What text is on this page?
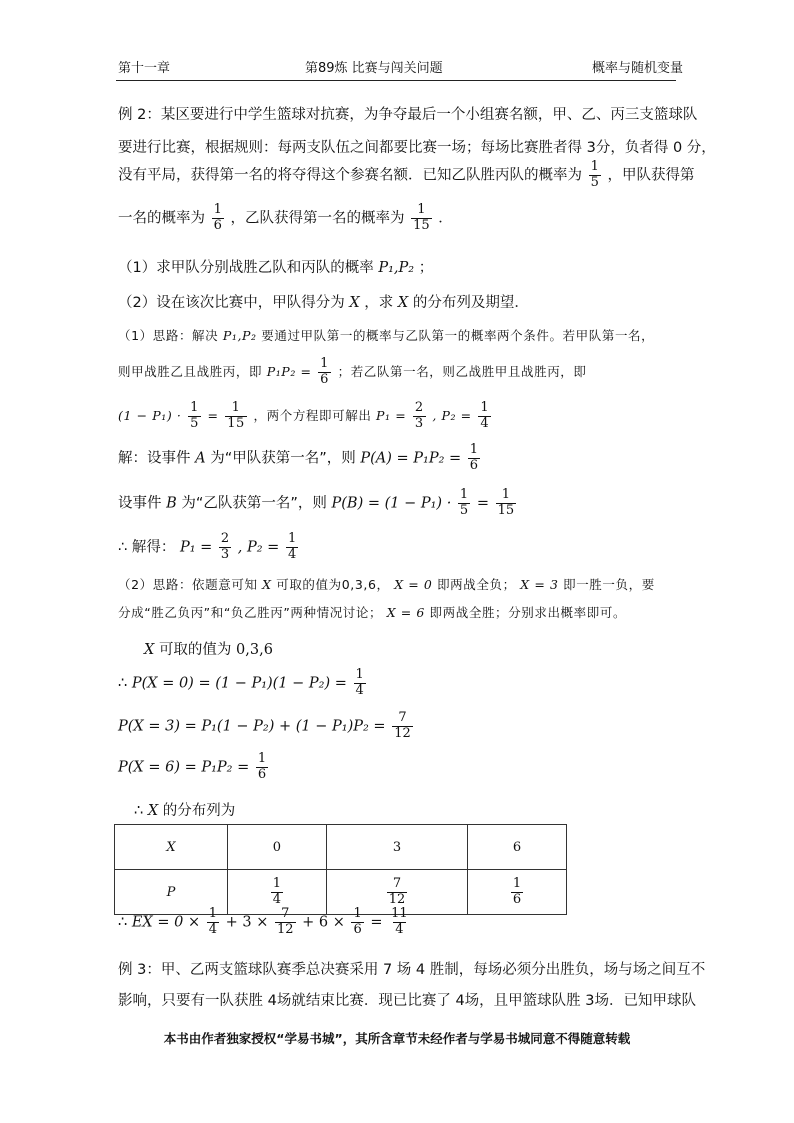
第十一章	第89炼 比赛与闯关问题	概率与随机变量
例 2：某区要进行中学生篮球对抗赛，为争夺最后一个小组赛名额，甲、乙、丙三支篮球队
要进行比赛，根据规则：每两支队伍之间都要比赛一场；每场比赛胜者得 3分，负者得 0 分，
没有平局，获得第一名的将夺得这个参赛名额．已知乙队胜丙队的概率为 $\frac{1}{5}$ ，甲队获得第
一名的概率为 $\frac{1}{6}$ ，乙队获得第一名的概率为 $\frac{1}{15}$ ．
（1）求甲队分别战胜乙队和丙队的概率 P₁,P₂ ；
（2）设在该次比赛中，甲队得分为 X ，求 X 的分布列及期望．
（1）思路：解决 P₁,P₂ 要通过甲队第一的概率与乙队第一的概率两个条件。若甲队第一名，
则甲战胜乙且战胜丙，即 $P_1P_2 = \frac{1}{6}$ ；若乙队第一名，则乙战胜甲且战胜丙，即
$(1 - P_1) \cdot \frac{1}{5} = \frac{1}{15}$ ，两个方程即可解出 $P_1 = \frac{2}{3}$ , $P_2 = \frac{1}{4}$
解：设事件 A 为“甲队获第一名”，则 $P(A) = P_1P_2 = \frac{1}{6}$
设事件 B 为“乙队获第一名”，则 $P(B) = (1 - P_1) \cdot \frac{1}{5} = \frac{1}{15}$
∴ 解得： $P_1 = \frac{2}{3}$ , $P_2 = \frac{1}{4}$
（2）思路：依题意可知 X 可取的值为0,3,6， X = 0 即两战全负； X = 3 即一胜一负，要
分成“胜乙负丙”和“负乙胜丙”两种情况讨论； X = 6 即两战全胜；分别求出概率即可。
X 可取的值为 0,3,6
∴ $P(X = 0) = (1 - P_1)(1 - P_2) = \frac{1}{4}$
$P(X = 3) = P_1(1 - P_2) + (1 - P_1)P_2 = \frac{7}{12}$
$P(X = 6) = P_1P_2 = \frac{1}{6}$
∴ X 的分布列为
X	0	3	6
P	$\frac{1}{4}$	$\frac{7}{12}$	$\frac{1}{6}$
∴ EX = $0 \times \frac{1}{4} + 3 \times \frac{7}{12} + 6 \times \frac{1}{6} = \frac{11}{4}$
例 3：甲、乙两支篮球队赛季总决赛采用 7 场 4 胜制，每场必须分出胜负，场与场之间互不
影响，只要有一队获胜 4场就结束比赛．现已比赛了 4场，且甲篮球队胜 3场．已知甲球队
本书由作者独家授权“学易书城”，其所含章节未经作者与学易书城同意不得随意转载
